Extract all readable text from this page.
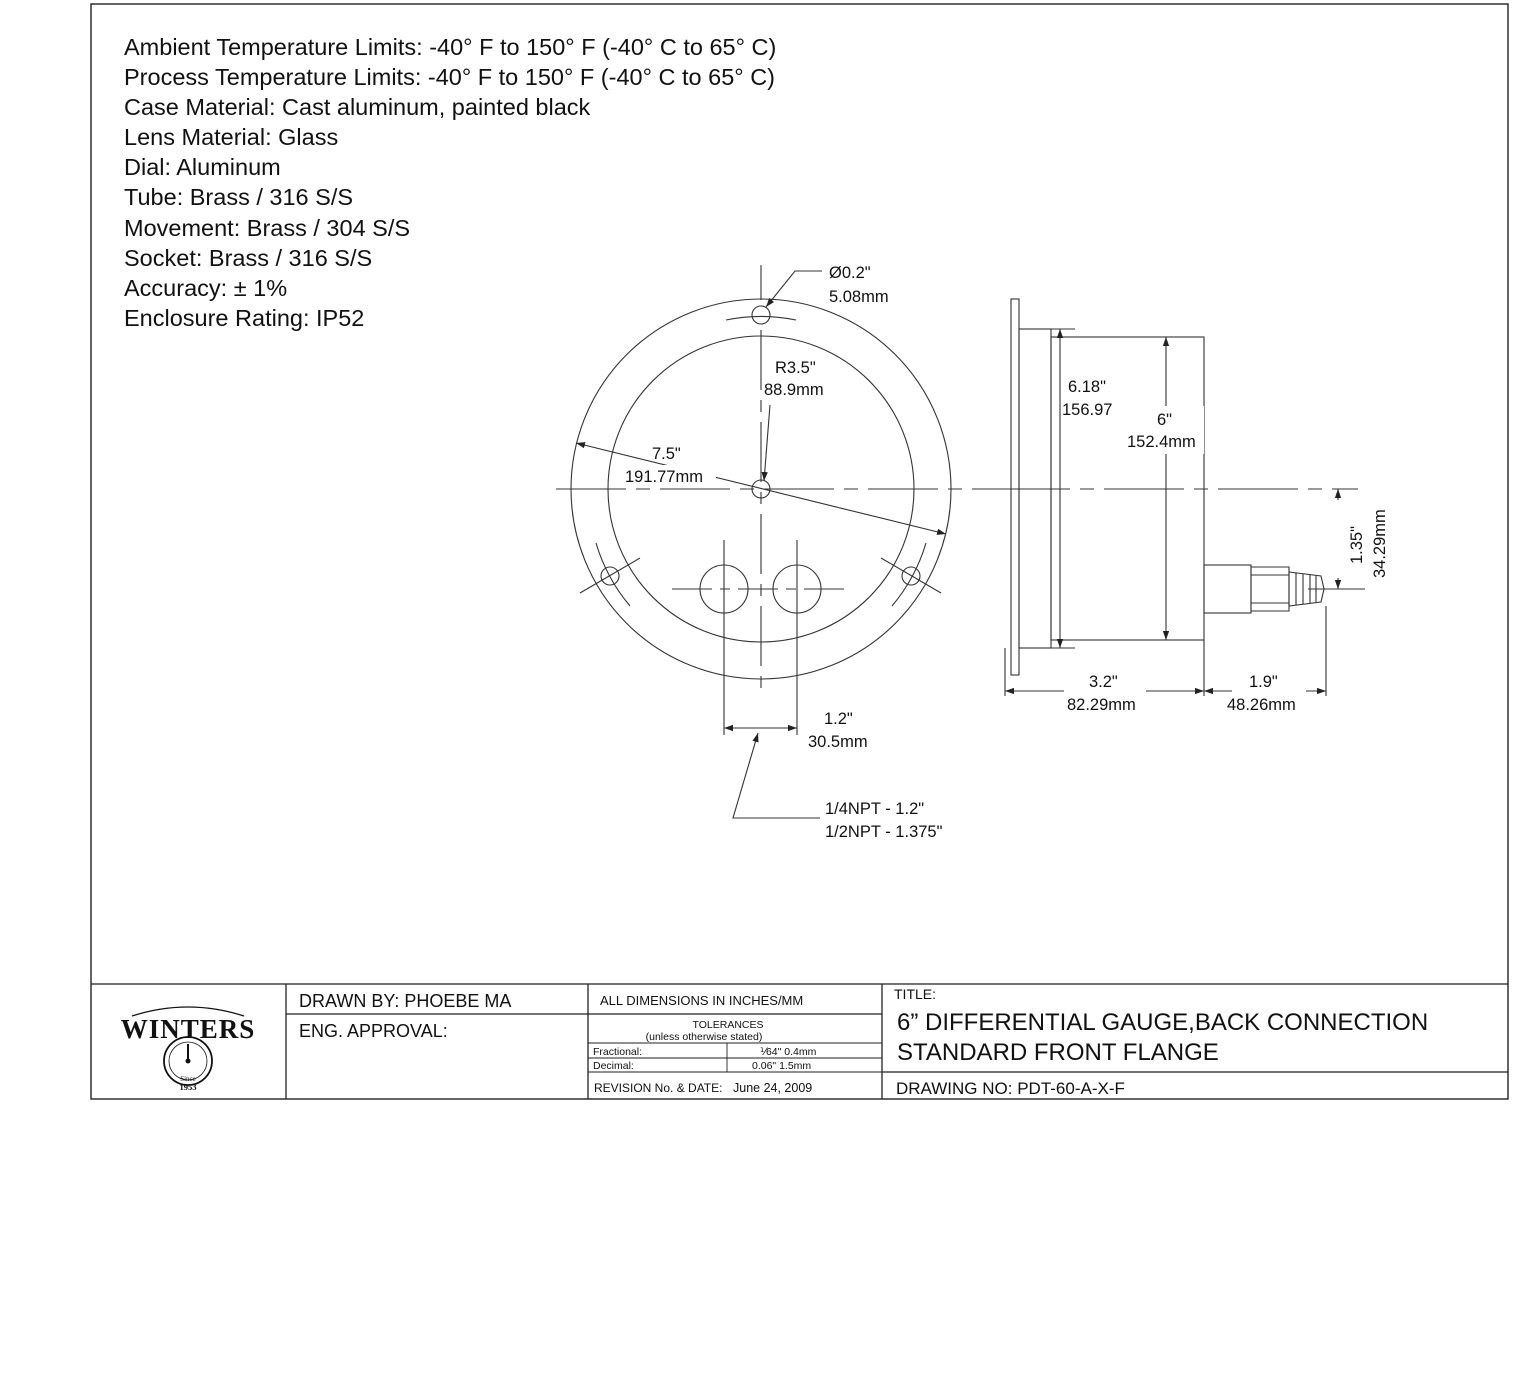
Ø0.2"
5.08mm
R3.5"
88.9mm
7.5"
191.77mm
1.2"
30.5mm
1/4NPT - 1.2"
1/2NPT - 1.375"
6.18"
156.97
6"
152.4mm
1.35" 34.29mm
3.2"
82.29mm
1.9"
48.26mm
WINTERS
Since
1953
DRAWN BY: PHOEBE MA
ENG. APPROVAL:
ALL DIMENSIONS IN INCHES/MM
TOLERANCES
(unless otherwise stated)
Fractional:	⅟64" 0.4mm
Decimal:	0.06" 1.5mm
REVISION No. & DATE: June 24, 2009
TITLE:
6” DIFFERENTIAL GAUGE,BACK CONNECTION
STANDARD FRONT FLANGE
DRAWING NO: PDT-60-A-X-F
Ambient Temperature Limits: -40° F to 150° F (-40° C to 65° C)
Process Temperature Limits: -40° F to 150° F (-40° C to 65° C)
Case Material: Cast aluminum, painted black
Lens Material: Glass
Dial: Aluminum
Tube: Brass / 316 S/S
Movement: Brass / 304 S/S
Socket: Brass / 316 S/S
Accuracy: ± 1%
Enclosure Rating: IP52
